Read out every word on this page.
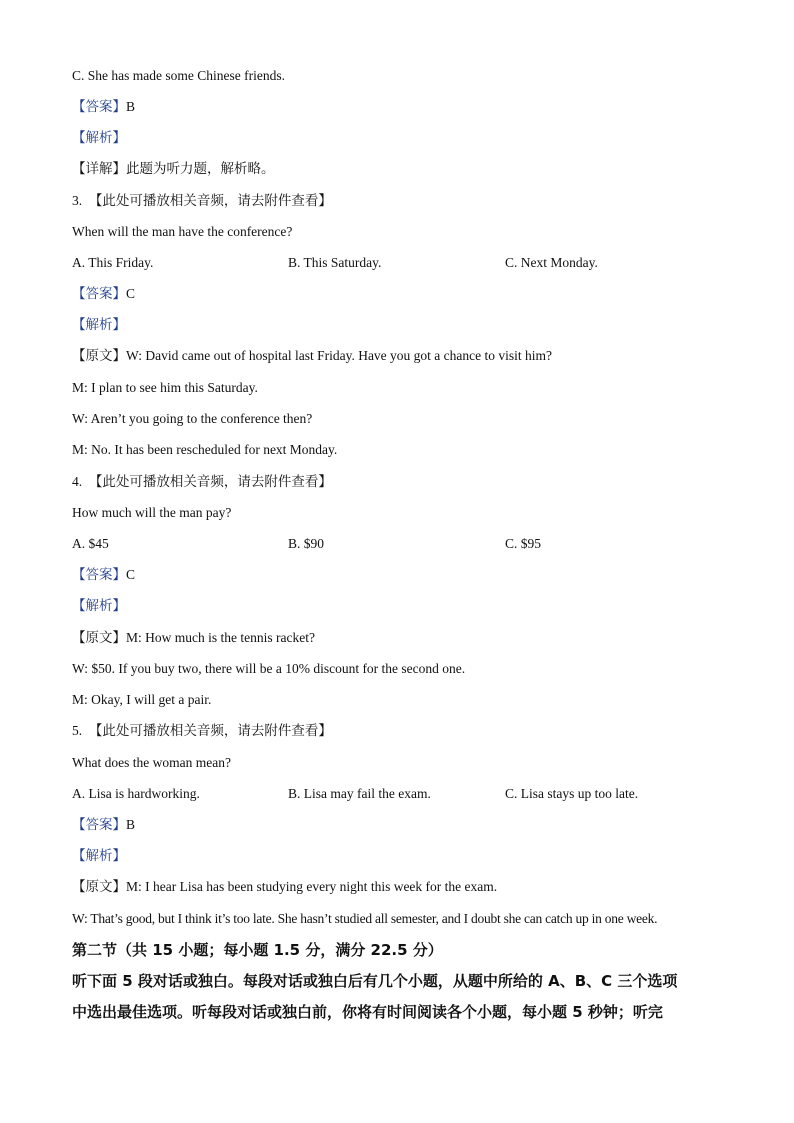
C. She has made some Chinese friends.
【答案】B
【解析】
【详解】此题为听力题，解析略。
3. 【此处可播放相关音频，请去附件查看】
When will the man have the conference?
A. This Friday.	B. This Saturday.	C. Next Monday.
【答案】C
【解析】
【原文】W: David came out of hospital last Friday. Have you got a chance to visit him?
M: I plan to see him this Saturday.
W: Aren’t you going to the conference then?
M: No. It has been rescheduled for next Monday.
4. 【此处可播放相关音频，请去附件查看】
How much will the man pay?
A. $45	B. $90	C. $95
【答案】C
【解析】
【原文】M: How much is the tennis racket?
W: $50. If you buy two, there will be a 10% discount for the second one.
M: Okay, I will get a pair.
5. 【此处可播放相关音频，请去附件查看】
What does the woman mean?
A. Lisa is hardworking.	B. Lisa may fail the exam.	C. Lisa stays up too late.
【答案】B
【解析】
【原文】M: I hear Lisa has been studying every night this week for the exam.
W: That’s good, but I think it’s too late. She hasn’t studied all semester, and I doubt she can catch up in one week.
第二节（共 15 小题；每小题 1.5 分，满分 22.5 分）
听下面 5 段对话或独白。每段对话或独白后有几个小题，从题中所给的 A、B、C 三个选项
中选出最佳选项。听每段对话或独白前，你将有时间阅读各个小题，每小题 5 秒钟；听完
